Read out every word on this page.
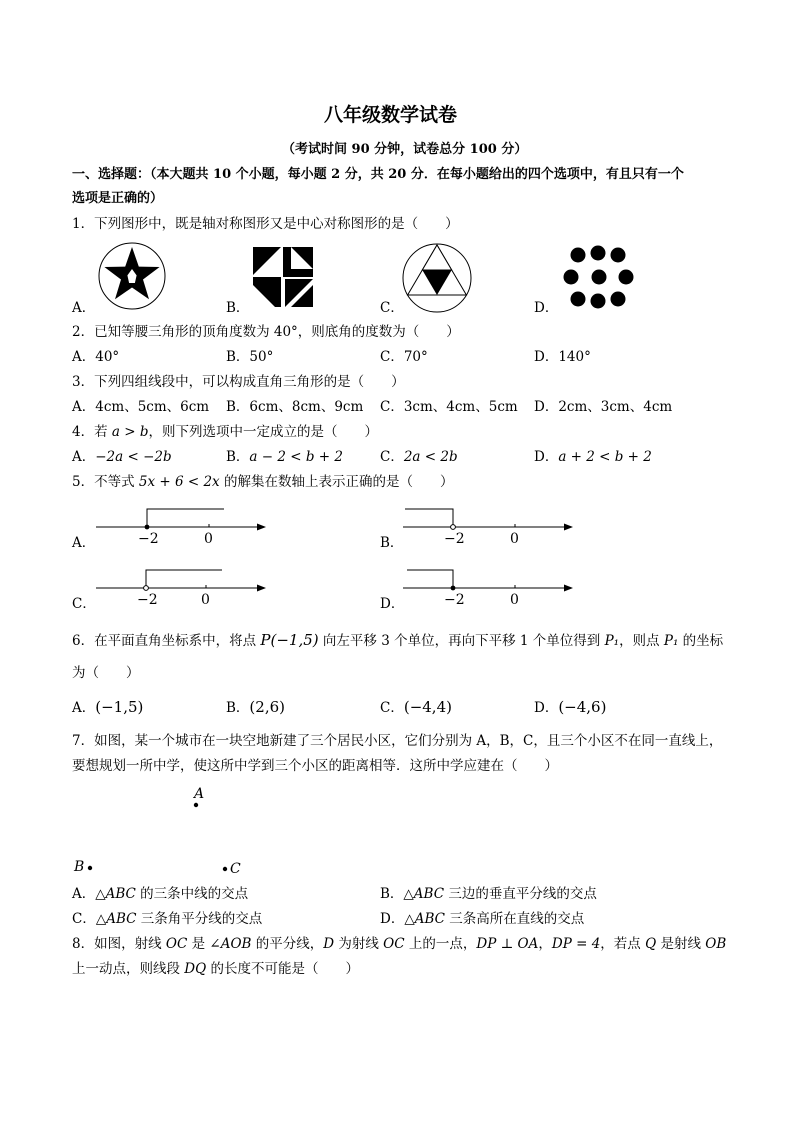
八年级数学试卷
（考试时间 90 分钟，试卷总分 100 分）
一、选择题：（本大题共 10 个小题，每小题 2 分，共 20 分．在每小题给出的四个选项中，有且只有一个
选项是正确的）
1．下列图形中，既是轴对称图形又是中心对称图形的是（　　）
A．	B．	C．	D．
2．已知等腰三角形的顶角度数为 40°，则底角的度数为（　　）
A．40°	B．50°	C．70°	D．140°
3．下列四组线段中，可以构成直角三角形的是（　　）
A．4cm、5cm、6cm B．6cm、8cm、9cm C．3cm、4cm、5cm D．2cm、3cm、4cm
4．若 a > b，则下列选项中一定成立的是（　　）
A．−2a < −2b	B．a − 2 < b + 2	C．2a < 2b	D．a + 2 < b + 2
5．不等式 5x + 6 < 2x 的解集在数轴上表示正确的是（　　）
A．	−2	0	B．	−2	0
C．	−2	0	D．	−2	0
6．在平面直角坐标系中，将点 P(−1,5) 向左平移 3 个单位，再向下平移 1 个单位得到 P₁，则点 P₁ 的坐标
为（　　）
A．(−1,5)	B．(2,6)	C．(−4,4)	D．(−4,6)
7．如图，某一个城市在一块空地新建了三个居民小区，它们分别为 A，B，C，且三个小区不在同一直线上，
要想规划一所中学，使这所中学到三个小区的距离相等．这所中学应建在（　　）
A
B	C
A．△ABC 的三条中线的交点	B．△ABC 三边的垂直平分线的交点
C．△ABC 三条角平分线的交点	D．△ABC 三条高所在直线的交点
8．如图，射线 OC 是 ∠AOB 的平分线，D 为射线 OC 上的一点，DP ⊥ OA，DP = 4，若点 Q 是射线 OB
上一动点，则线段 DQ 的长度不可能是（　　）
